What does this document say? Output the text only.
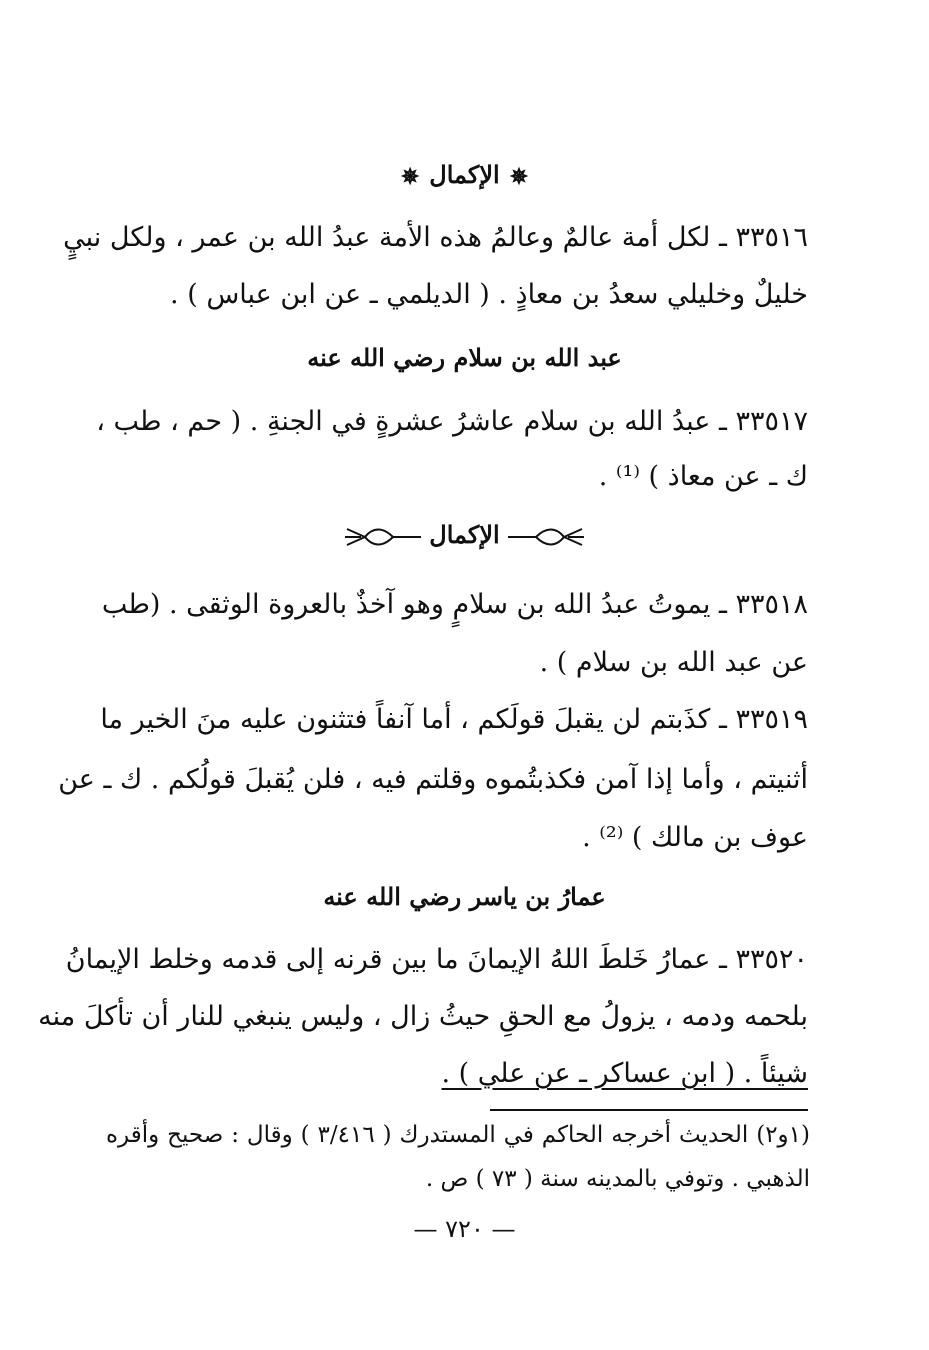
✵الإكمال✵
٣٣٥١٦ ـ لكل أمة عالمٌ وعالمُ هذه الأمة عبدُ الله بن عمر ، ولكل نبيٍ
خليلٌ وخليلي سعدُ بن معاذٍ . ( الديلمي ـ عن ابن عباس ) .
عبد الله بن سلام رضي الله عنه
٣٣٥١٧ ـ عبدُ الله بن سلام عاشرُ عشرةٍ في الجنةِ . ( حم ، طب ،
ك ـ عن معاذ ) ⁽¹⁾ .
الإكمال
٣٣٥١٨ ـ يموتُ عبدُ الله بن سلامٍ وهو آخذٌ بالعروة الوثقى . (طب
عن عبد الله بن سلام ) .
٣٣٥١٩ ـ كذَبتم لن يقبلَ قولَكم ، أما آنفاً فتثنون عليه منَ الخير ما
أثنيتم ، وأما إذا آمن فكذبتُموه وقلتم فيه ، فلن يُقبلَ قولُكم . ك ـ عن
عوف بن مالك ) ⁽²⁾ .
عمارُ بن ياسر رضي الله عنه
٣٣٥٢٠ ـ عمارُ خَلطَ اللهُ الإيمانَ ما بين قرنه إلى قدمه وخلط الإيمانُ
بلحمه ودمه ، يزولُ مع الحقِ حيثُ زال ، وليس ينبغي للنار أن تأكلَ منه
شيئاً . ( ابن عساكر ـ عن علي ) .
(١و٢) الحديث أخرجه الحاكم في المستدرك ( ٣/٤١٦ ) وقال : صحيح وأقره
الذهبي . وتوفي بالمدينه سنة ( ٧٣ ) ص .
— ٧٢٠ —
